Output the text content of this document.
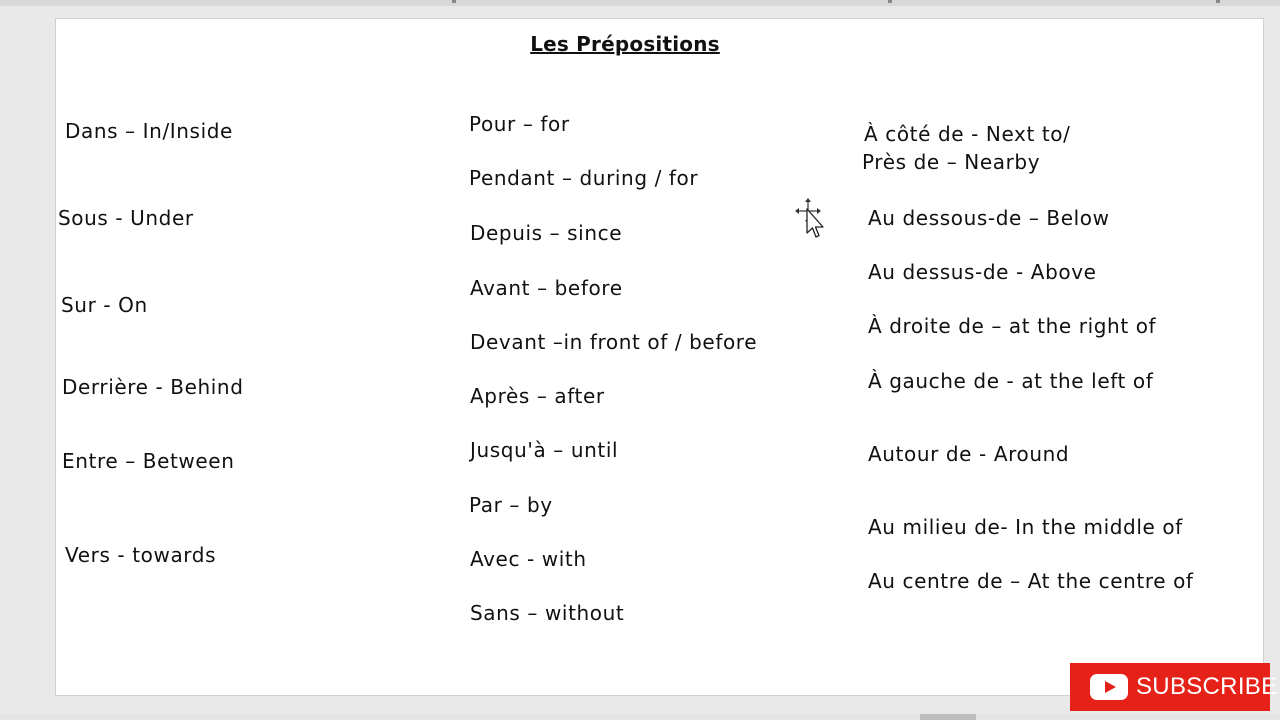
Les Prépositions
Dans – In/Inside
Sous - Under
Sur - On
Derrière - Behind
Entre – Between
Vers - towards
Pour – for
Pendant – during / for
Depuis – since
Avant – before
Devant –in front of / before
Après – after
Jusqu'à – until
Par – by
Avec - with
Sans – without
À côté de - Next to/
Près de – Nearby
Au dessous-de – Below
Au dessus-de - Above
À droite de – at the right of
À gauche de - at the left of
Autour de - Around
Au milieu de- In the middle of
Au centre de – At the centre of
SUBSCRIBE
